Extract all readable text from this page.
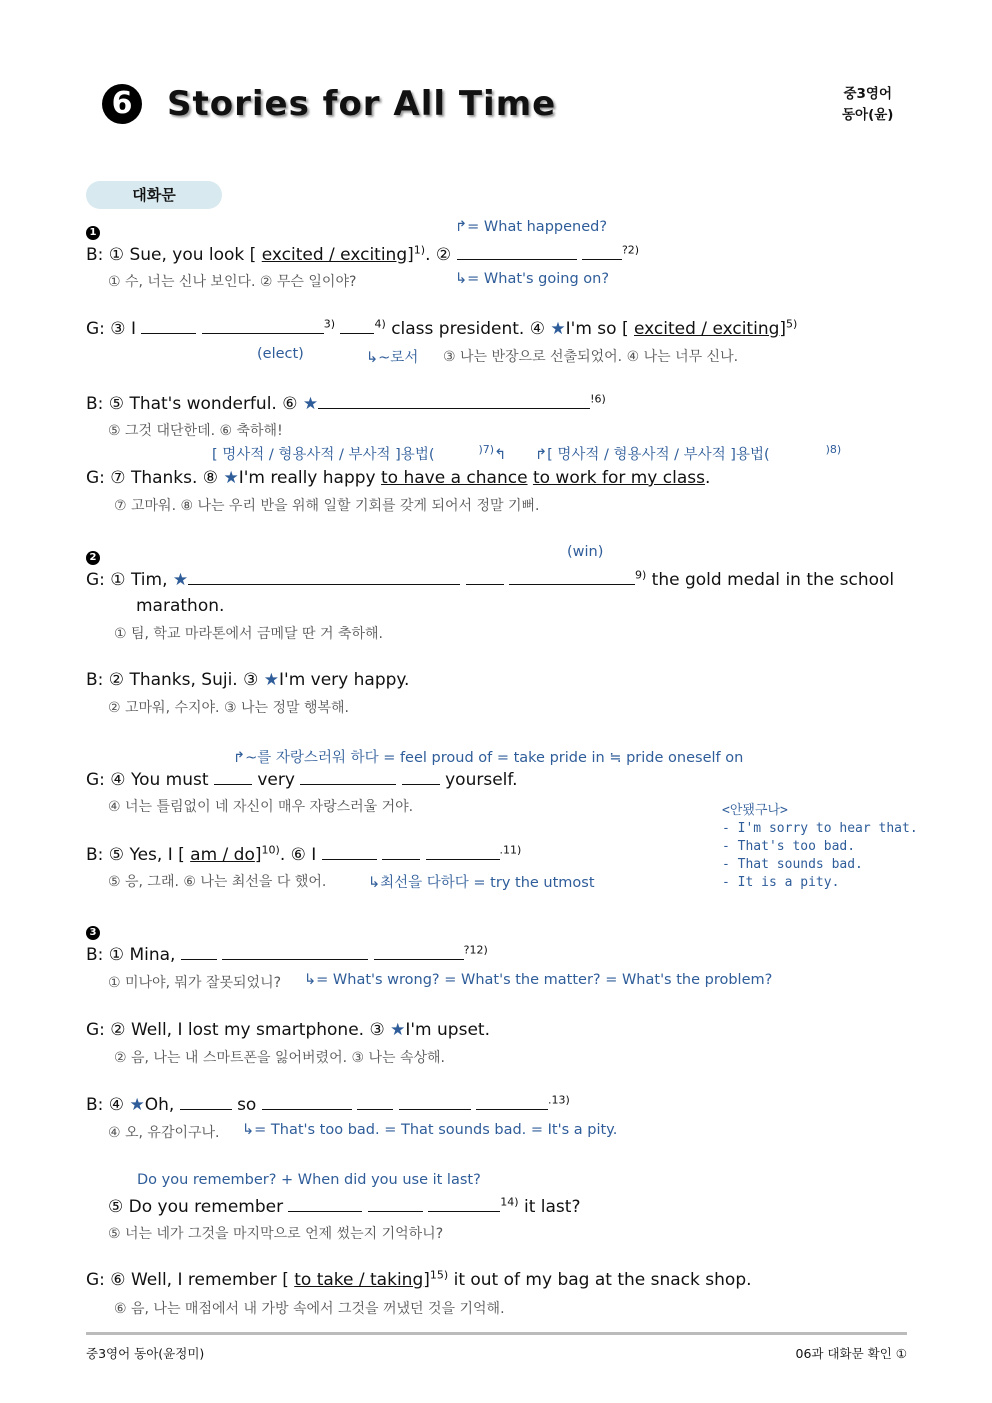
6 Stories for All Time	중3영어
동아(윤)
대화문
1	↱= What happened?
B: ① Sue, you look [ excited / exciting]$^{1)}$. ②	$^{?2)}$
① 수, 너는 신나 보인다. ② 무슨 일이야?	↳= What's going on?
G: ③ I	$^{3)}$	$^{4)}$ class president. ④ ★I'm so [ excited / exciting]$^{5)}$
(elect)	↳~로서 ③ 나는 반장으로 선출되었어. ④ 나는 너무 신나.
B: ⑤ That's wonderful. ⑥ ★	$^{!6)}$
⑤ 그것 대단한데. ⑥ 축하해!
[ 명사적 / 형용사적 / 부사적 ]용법(	$^{)7)}$↰ ↱[ 명사적 / 형용사적 / 부사적 ]용법(	$^{)8)}$
G: ⑦ Thanks. ⑧ ★I'm really happy to have a chance to work for my class.
⑦ 고마워. ⑧ 나는 우리 반을 위해 일할 기회를 갖게 되어서 정말 기뻐.
2	(win)
G: ① Tim, ★	$^{9)}$ the gold medal in the school
marathon.
① 팀, 학교 마라톤에서 금메달 딴 거 축하해.
B: ② Thanks, Suji. ③ ★I'm very happy.
② 고마워, 수지야. ③ 나는 정말 행복해.
↱~를 자랑스러워 하다 = feel proud of = take pride in ≒ pride oneself on
G: ④ You must	very	yourself.
④ 너는 틀림없이 네 자신이 매우 자랑스러울 거야.	<안됐구나>
- I'm sorry to hear that.
- That's too bad.
- That sounds bad.
- It is a pity.
B: ⑤ Yes, I [ am / do]$^{10)}$. ⑥ I	$^{.11)}$
⑤ 응, 그래. ⑥ 나는 최선을 다 했어.	↳최선을 다하다 = try the utmost
3
B: ① Mina,	$^{?12)}$
① 미나야, 뭐가 잘못되었니? ↳= What's wrong? = What's the matter? = What's the problem?
G: ② Well, I lost my smartphone. ③ ★I'm upset.
② 음, 나는 내 스마트폰을 잃어버렸어. ③ 나는 속상해.
B: ④ ★Oh,	so	$^{.13)}$
④ 오, 유감이구나. ↳= That's too bad. = That sounds bad. = It's a pity.
Do you remember? + When did you use it last?
⑤ Do you remember	$^{14)}$ it last?
⑤ 너는 네가 그것을 마지막으로 언제 썼는지 기억하니?
G: ⑥ Well, I remember [ to take / taking]$^{15)}$ it out of my bag at the snack shop.
⑥ 음, 나는 매점에서 내 가방 속에서 그것을 꺼냈던 것을 기억해.
중3영어 동아(윤정미)	06과 대화문 확인 ①
